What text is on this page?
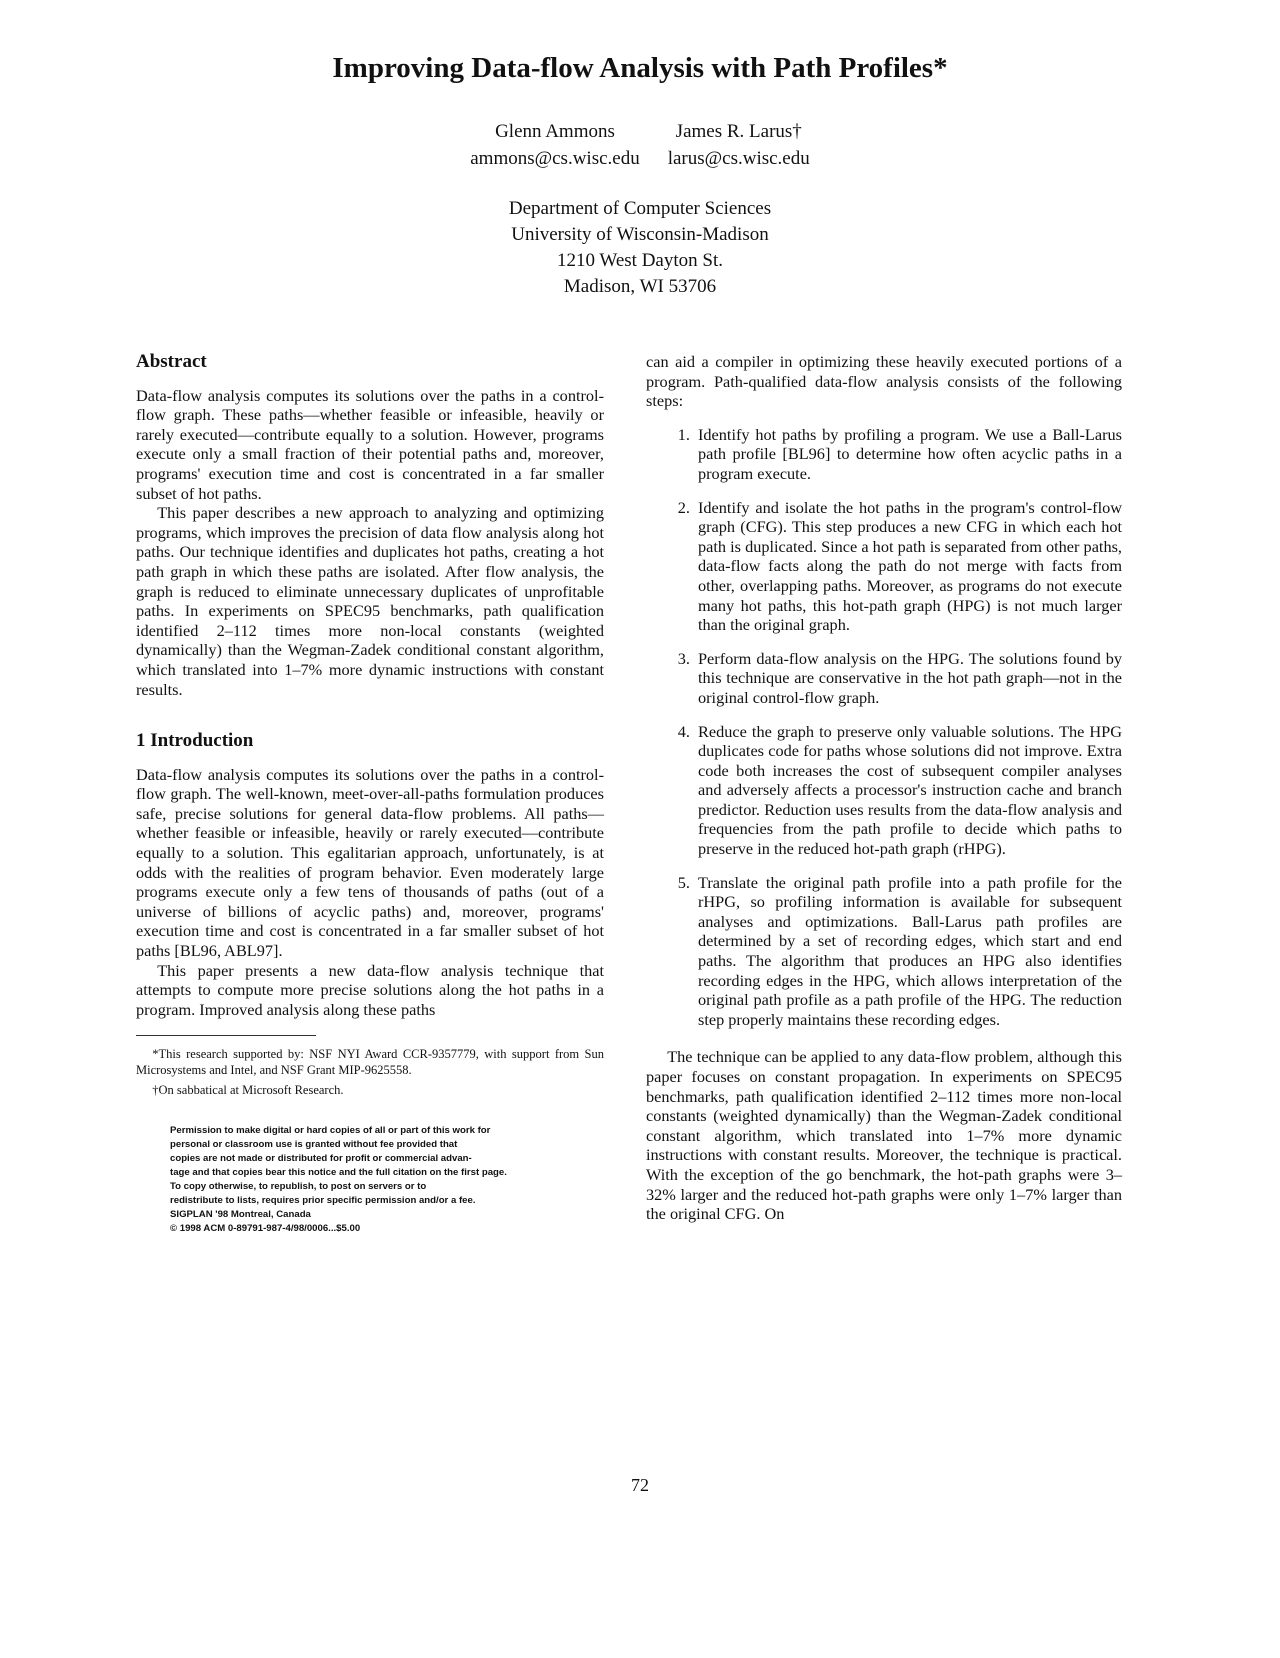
Improving Data-flow Analysis with Path Profiles*
Glenn Ammons
ammons@cs.wisc.edu
James R. Larus†
larus@cs.wisc.edu
Department of Computer Sciences
University of Wisconsin-Madison
1210 West Dayton St.
Madison, WI 53706
Abstract

Data-flow analysis computes its solutions over the paths in a control-flow graph. These paths—whether feasible or infeasible, heavily or rarely executed—contribute equally to a solution. However, programs execute only a small fraction of their potential paths and, moreover, programs' execution time and cost is concentrated in a far smaller subset of hot paths.

This paper describes a new approach to analyzing and optimizing programs, which improves the precision of data flow analysis along hot paths. Our technique identifies and duplicates hot paths, creating a hot path graph in which these paths are isolated. After flow analysis, the graph is reduced to eliminate unnecessary duplicates of unprofitable paths. In experiments on SPEC95 benchmarks, path qualification identified 2–112 times more non-local constants (weighted dynamically) than the Wegman-Zadek conditional constant algorithm, which translated into 1–7% more dynamic instructions with constant results.

1 Introduction

Data-flow analysis computes its solutions over the paths in a control-flow graph. The well-known, meet-over-all-paths formulation produces safe, precise solutions for general data-flow problems. All paths—whether feasible or infeasible, heavily or rarely executed—contribute equally to a solution. This egalitarian approach, unfortunately, is at odds with the realities of program behavior. Even moderately large programs execute only a few tens of thousands of paths (out of a universe of billions of acyclic paths) and, moreover, programs' execution time and cost is concentrated in a far smaller subset of hot paths [BL96, ABL97].

This paper presents a new data-flow analysis technique that attempts to compute more precise solutions along the hot paths in a program. Improved analysis along these paths

*This research supported by: NSF NYI Award CCR-9357779, with support from Sun Microsystems and Intel, and NSF Grant MIP-9625558.

†On sabbatical at Microsoft Research.

Permission to make digital or hard copies of all or part of this work for
personal or classroom use is granted without fee provided that
copies are not made or distributed for profit or commercial advan-
tage and that copies bear this notice and the full citation on the first page.
To copy otherwise, to republish, to post on servers or to
redistribute to lists, requires prior specific permission and/or a fee.
SIGPLAN '98 Montreal, Canada
© 1998 ACM 0-89791-987-4/98/0006...$5.00

can aid a compiler in optimizing these heavily executed portions of a program. Path-qualified data-flow analysis consists of the following steps:

1. Identify hot paths by profiling a program. We use a Ball-Larus path profile [BL96] to determine how often acyclic paths in a program execute.
2. Identify and isolate the hot paths in the program's control-flow graph (CFG). This step produces a new CFG in which each hot path is duplicated. Since a hot path is separated from other paths, data-flow facts along the path do not merge with facts from other, overlapping paths. Moreover, as programs do not execute many hot paths, this hot-path graph (HPG) is not much larger than the original graph.
3. Perform data-flow analysis on the HPG. The solutions found by this technique are conservative in the hot path graph—not in the original control-flow graph.
4. Reduce the graph to preserve only valuable solutions. The HPG duplicates code for paths whose solutions did not improve. Extra code both increases the cost of subsequent compiler analyses and adversely affects a processor's instruction cache and branch predictor. Reduction uses results from the data-flow analysis and frequencies from the path profile to decide which paths to preserve in the reduced hot-path graph (rHPG).
5. Translate the original path profile into a path profile for the rHPG, so profiling information is available for subsequent analyses and optimizations. Ball-Larus path profiles are determined by a set of recording edges, which start and end paths. The algorithm that produces an HPG also identifies recording edges in the HPG, which allows interpretation of the original path profile as a path profile of the HPG. The reduction step properly maintains these recording edges.

The technique can be applied to any data-flow problem, although this paper focuses on constant propagation. In experiments on SPEC95 benchmarks, path qualification identified 2–112 times more non-local constants (weighted dynamically) than the Wegman-Zadek conditional constant algorithm, which translated into 1–7% more dynamic instructions with constant results. Moreover, the technique is practical. With the exception of the go benchmark, the hot-path graphs were 3–32% larger and the reduced hot-path graphs were only 1–7% larger than the original CFG. On

72
